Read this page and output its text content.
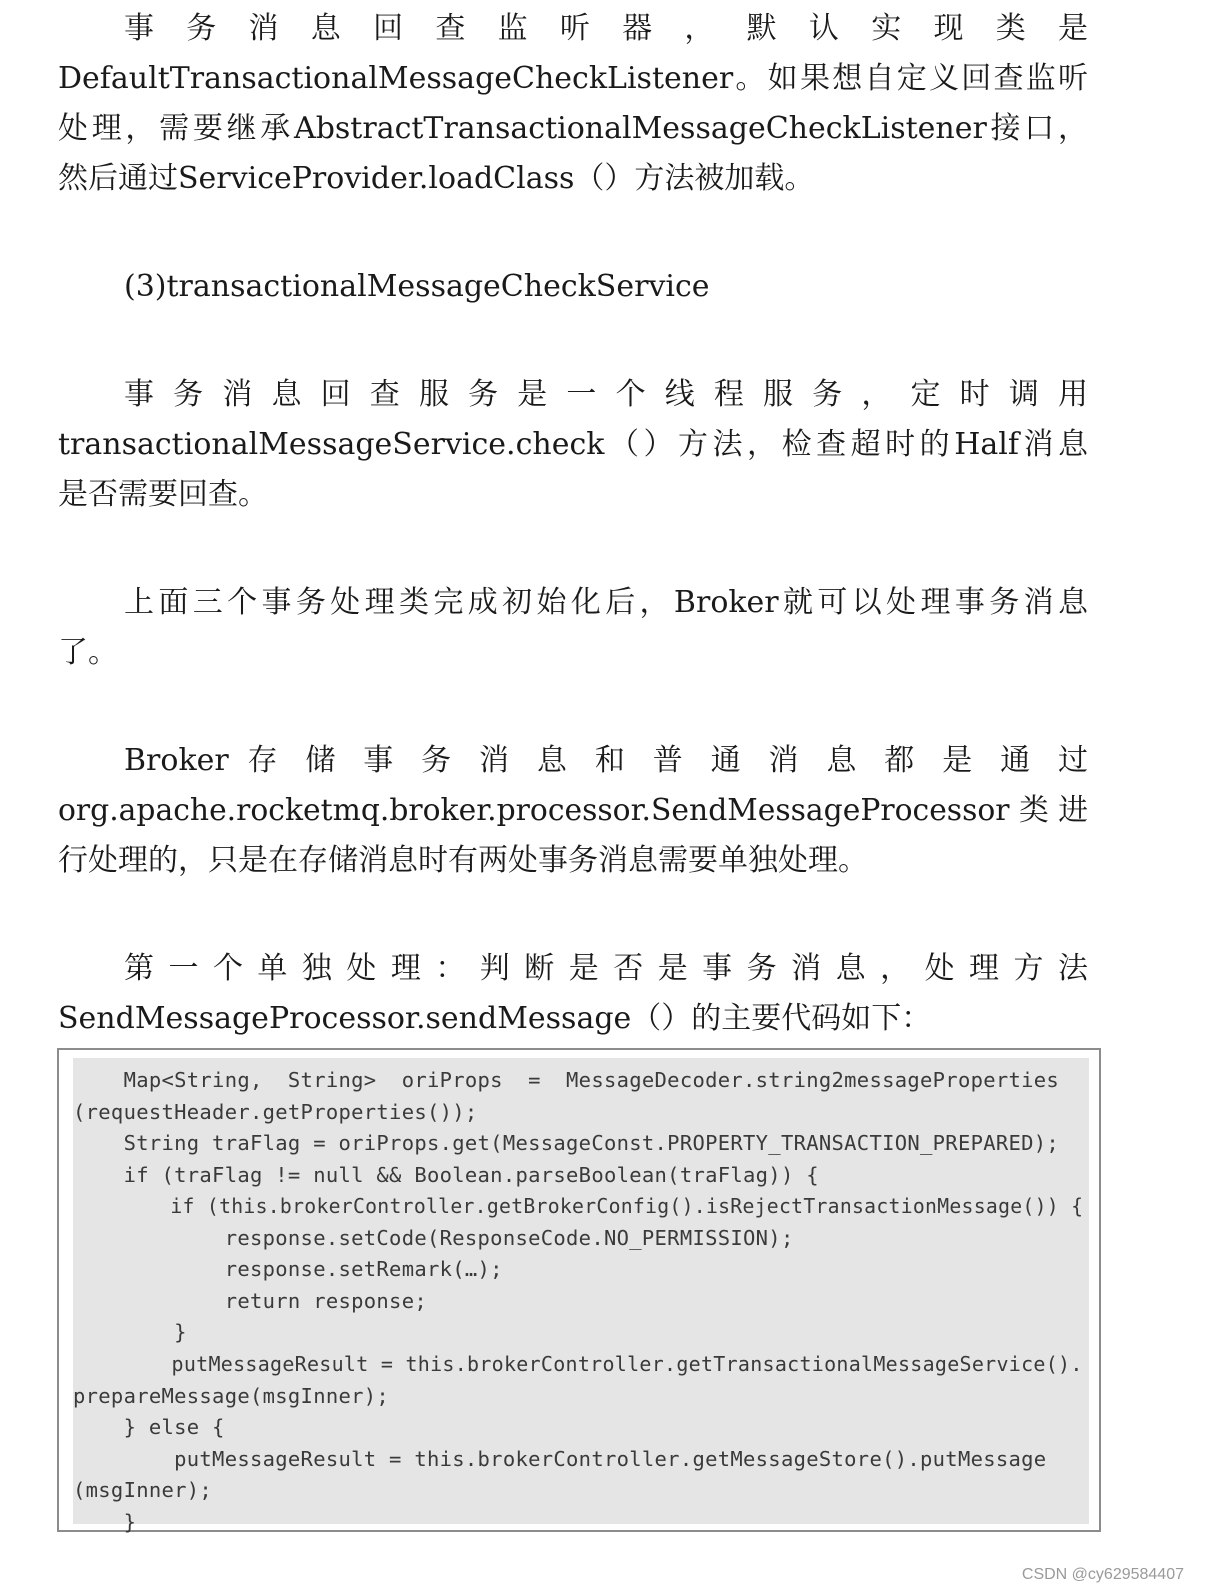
事 务 消 息 回 查 监 听 器 ， 默 认 实 现 类 是
DefaultTransactionalMessageCheckListener。如果想自定义回查监听
处理，需要继承AbstractTransactionalMessageCheckListener接口，
然后通过ServiceProvider.loadClass（）方法被加载。
(3)transactionalMessageCheckService
事 务 消 息 回 查 服 务 是 一 个 线 程 服 务 ， 定 时 调 用
transactionalMessageService.check（）方法，检查超时的Half消息
是否需要回查。
上面三个事务处理类完成初始化后，Broker就可以处理事务消息
了。
Broker 存 储 事 务 消 息 和 普 通 消 息 都 是 通 过
org.apache.rocketmq.broker.processor.SendMessageProcessor 类 进
行处理的，只是在存储消息时有两处事务消息需要单独处理。
第 一 个 单 独 处 理 ： 判 断 是 否 是 事 务 消 息 ， 处 理 方 法
SendMessageProcessor.sendMessage（）的主要代码如下：
Map<String,  String>  oriProps  =  MessageDecoder.string2messageProperties
(requestHeader.getProperties());
String traFlag = oriProps.get(MessageConst.PROPERTY_TRANSACTION_PREPARED);
if (traFlag != null && Boolean.parseBoolean(traFlag)) {
if (this.brokerController.getBrokerConfig().isRejectTransactionMessage()) {
response.setCode(ResponseCode.NO_PERMISSION);
response.setRemark(…);
return response;
}
putMessageResult = this.brokerController.getTransactionalMessageService().
prepareMessage(msgInner);
} else {
putMessageResult = this.brokerController.getMessageStore().putMessage
(msgInner);
}
CSDN @cy629584407
